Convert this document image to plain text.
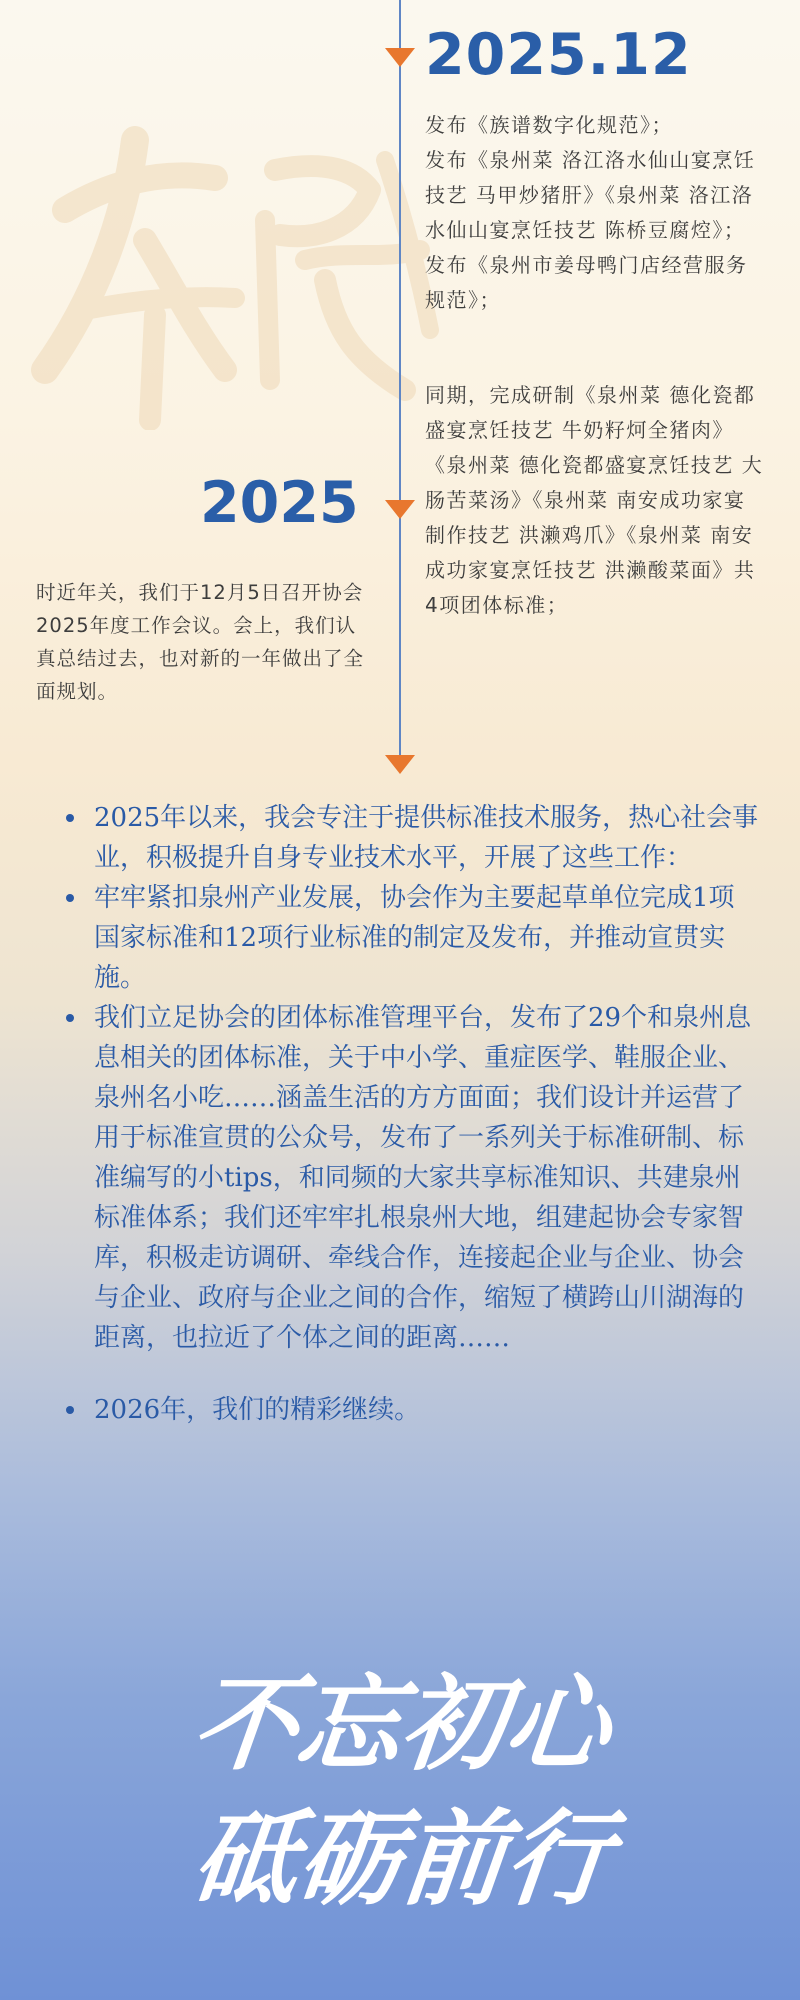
2025.12
2025

发布《族谱数字化规范》；

发布《泉州菜 洛江洛水仙山宴烹饪技艺 马甲炒猪肝》《泉州菜 洛江洛水仙山宴烹饪技艺 陈桥豆腐焢》；

发布《泉州市姜母鸭门店经营服务规范》；

同期，完成研制《泉州菜 德化瓷都盛宴烹饪技艺 牛奶籽炣全猪肉》《泉州菜 德化瓷都盛宴烹饪技艺 大肠苦菜汤》《泉州菜 南安成功家宴制作技艺 洪濑鸡爪》《泉州菜 南安成功家宴烹饪技艺 洪濑酸菜面》共4项团体标准；
时近年关，我们于12月5日召开协会2025年度工作会议。会上，我们认真总结过去，也对新的一年做出了全面规划。
2025年以来，我会专注于提供标准技术服务，热心社会事业，积极提升自身专业技术水平，开展了这些工作：
牢牢紧扣泉州产业发展，协会作为主要起草单位完成1项国家标准和12项行业标准的制定及发布，并推动宣贯实施。
我们立足协会的团体标准管理平台，发布了29个和泉州息息相关的团体标准，关于中小学、重症医学、鞋服企业、泉州名小吃……涵盖生活的方方面面；我们设计并运营了用于标准宣贯的公众号，发布了一系列关于标准研制、标准编写的小tips，和同频的大家共享标准知识、共建泉州标准体系；我们还牢牢扎根泉州大地，组建起协会专家智库，积极走访调研、牵线合作，连接起企业与企业、协会与企业、政府与企业之间的合作，缩短了横跨山川湖海的距离，也拉近了个体之间的距离……
2026年，我们的精彩继续。
不忘初心
砥砺前行
